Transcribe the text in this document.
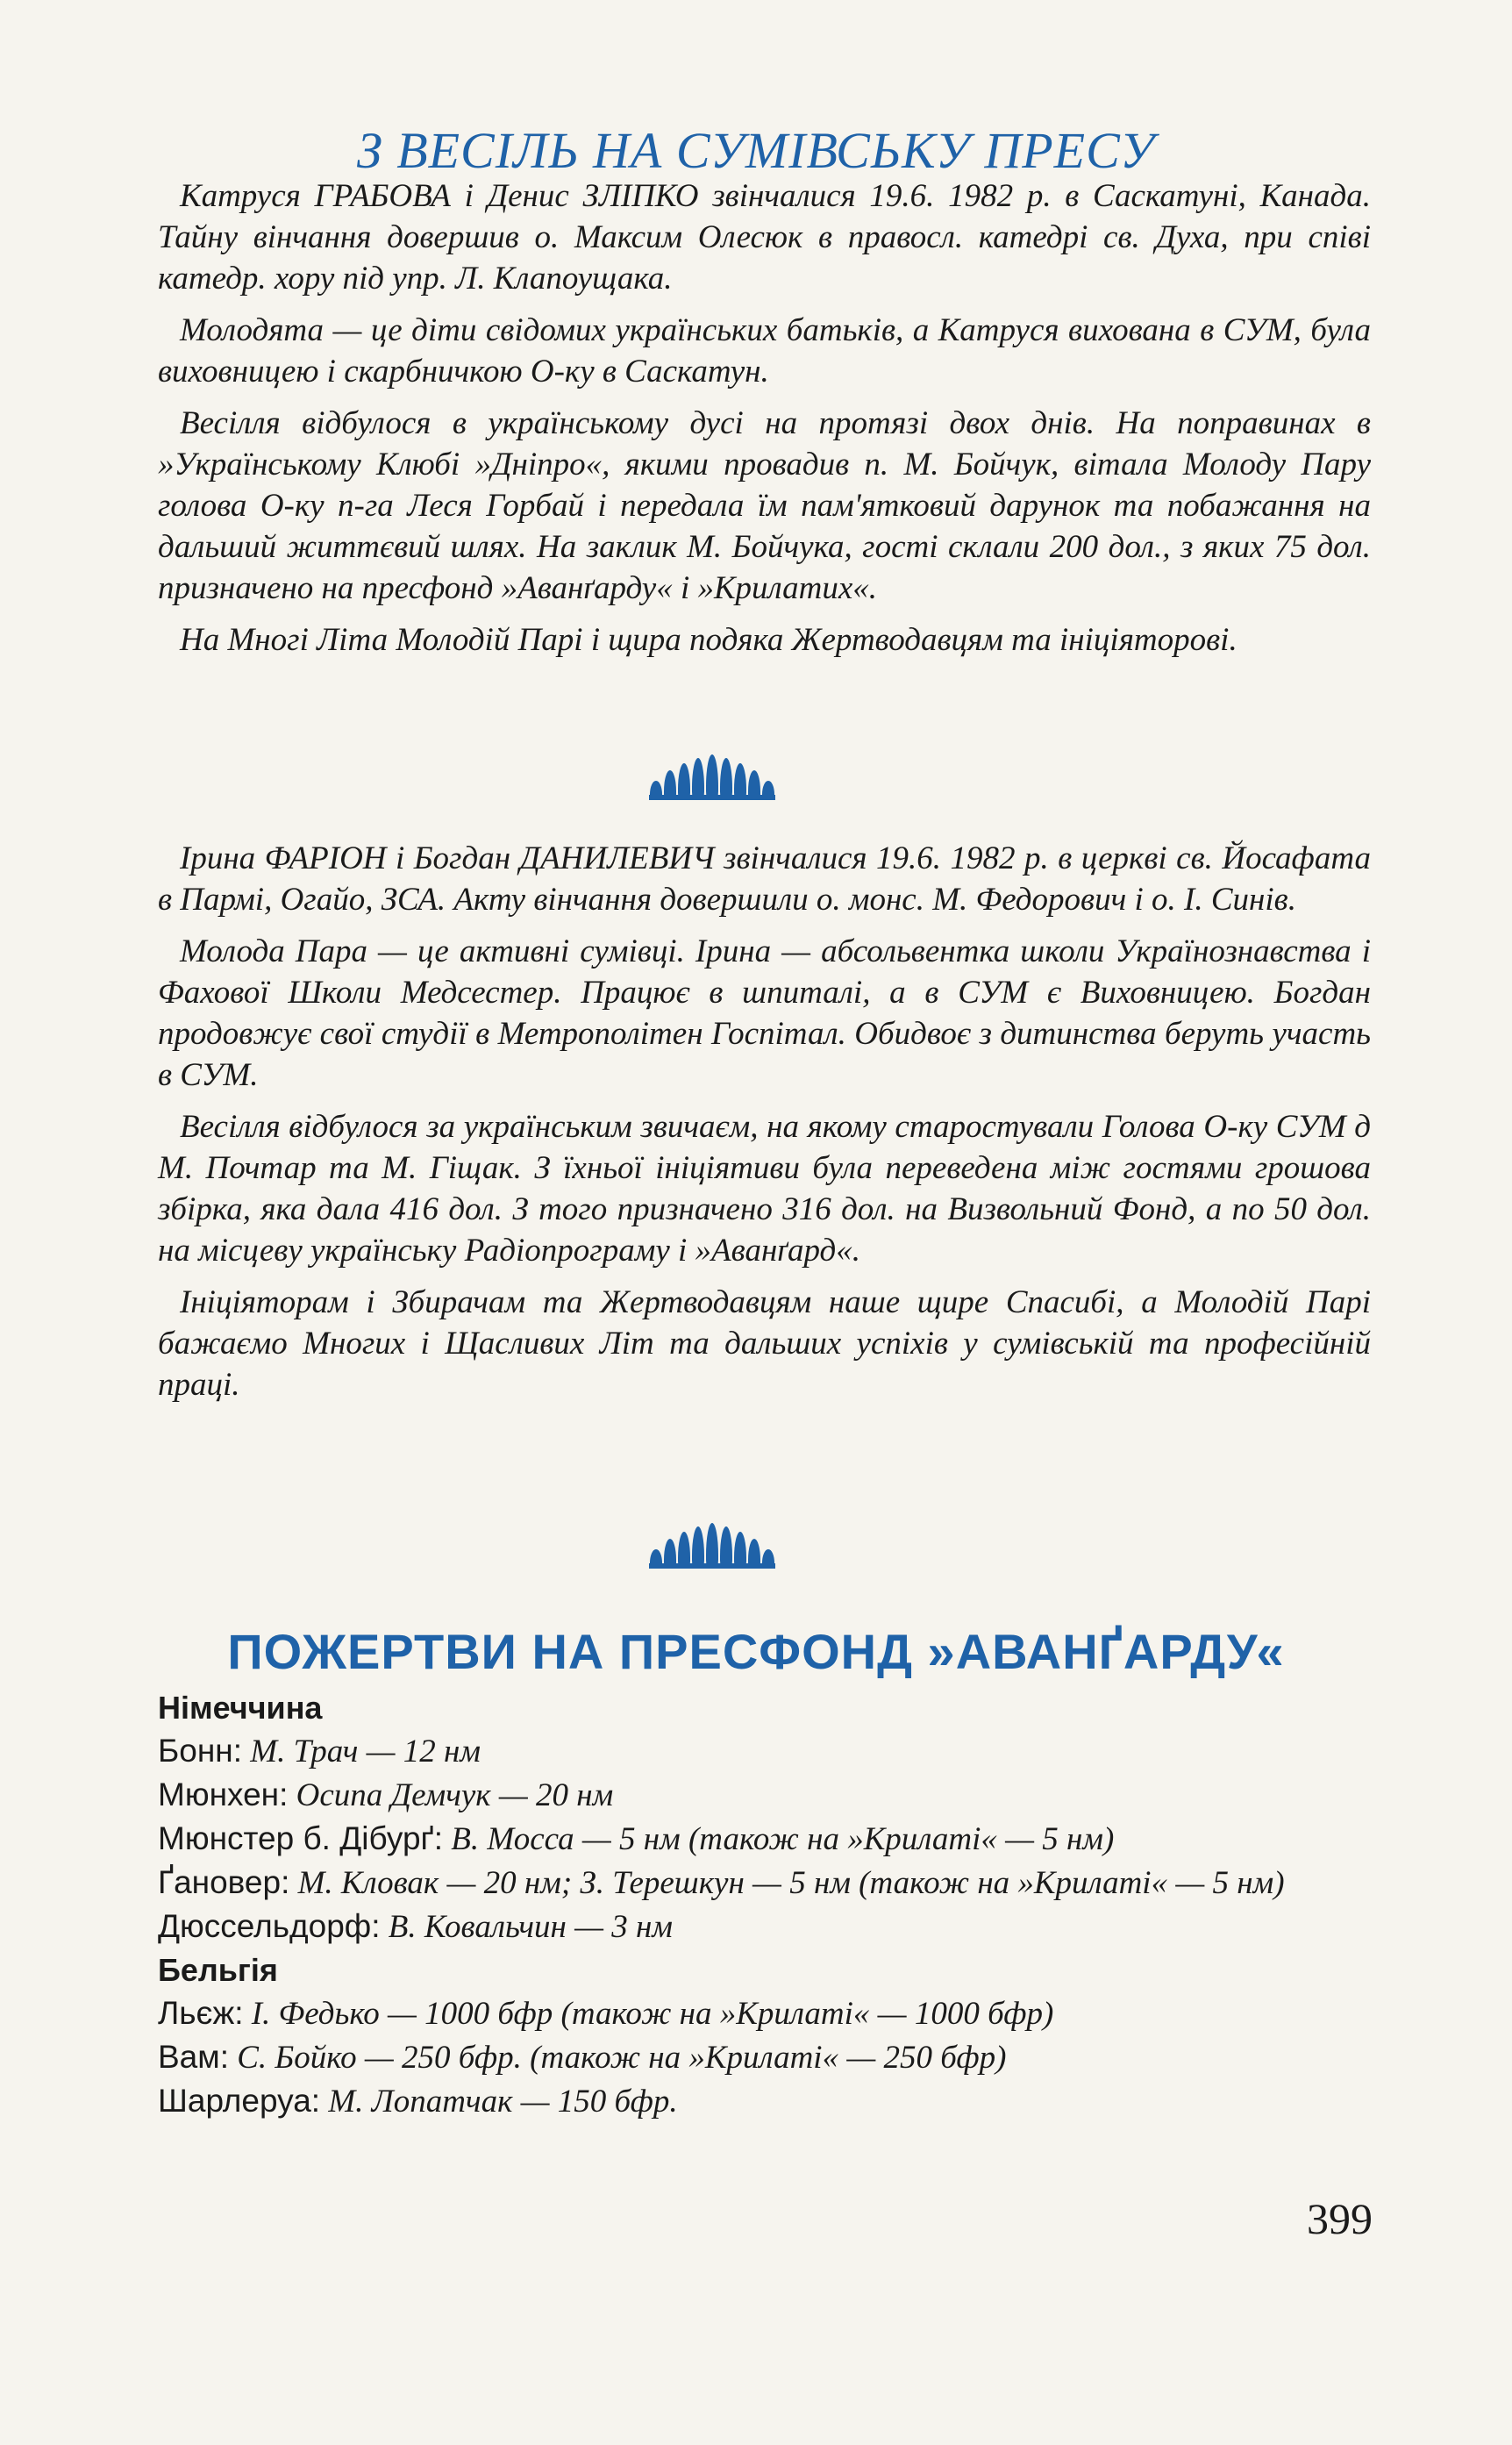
З ВЕСІЛЬ НА СУМІВСЬКУ ПРЕСУ

Катруся ГРАБОВА і Денис ЗЛІПКО звінчалися 19.6. 1982 р. в Саскатуні, Канада. Тайну вінчання довершив о. Максим Олесюк в правосл. катедрі св. Духа, при співі катедр. хору під упр. Л. Клапоущака.

Молодята — це діти свідомих українських батьків, а Катруся вихована в СУМ, була виховницею і скарбничкою О-ку в Саскатун.

Весілля відбулося в українському дусі на протязі двох днів. На поправинах в »Українському Клюбі »Дніпро«, якими провадив п. М. Бойчук, вітала Молоду Пару голова О-ку п-га Леся Горбай і передала їм пам'ятковий дарунок та побажання на дальший життєвий шлях. На заклик М. Бойчука, гості склали 200 дол., з яких 75 дол. призначено на пресфонд »Аванґарду« і »Крилатих«.

На Многі Літа Молодій Парі і щира подяка Жертводавцям та ініціяторові.

Ірина ФАРІОН і Богдан ДАНИЛЕВИЧ звінчалися 19.6. 1982 р. в церкві св. Йосафата в Пармі, Огайо, ЗСА. Акту вінчання довершили о. монс. М. Федорович і о. І. Синів.

Молода Пара — це активні сумівці. Ірина — абсольвентка школи Українознавства і Фахової Школи Медсестер. Працює в шпиталі, а в СУМ є Виховницею. Богдан продовжує свої студії в Метрополітен Госпітал. Обидвоє з дитинства беруть участь в СУМ.

Весілля відбулося за українським звичаєм, на якому старостували Голова О-ку СУМ д М. Почтар та М. Гіщак. З їхньої ініціятиви була переведена між гостями грошова збірка, яка дала 416 дол. З того призначено 316 дол. на Визвольний Фонд, а по 50 дол. на місцеву українську Радіопрограму і »Аванґард«.

Ініціяторам і Збирачам та Жертводавцям наше щире Спасибі, а Молодій Парі бажаємо Многих і Щасливих Літ та дальших успіхів у сумівській та професійній праці.

ПОЖЕРТВИ НА ПРЕСФОНД »АВАНҐАРДУ«

Німеччина

Бонн: М. Трач — 12 нм

Мюнхен: Осипа Демчук — 20 нм

Мюнстер б. Дібурґ: В. Мосса — 5 нм (також на »Крилаті« — 5 нм)

Ґановер: М. Кловак — 20 нм; З. Терешкун — 5 нм (також на »Крилаті« — 5 нм)

Дюссельдорф: В. Ковальчин — 3 нм

Бельгія

Льєж: І. Федько — 1000 бфр (також на »Крилаті« — 1000 бфр)

Вам: С. Бойко — 250 бфр. (також на »Крилаті« — 250 бфр)

Шарлеруа: М. Лопатчак — 150 бфр.

399
